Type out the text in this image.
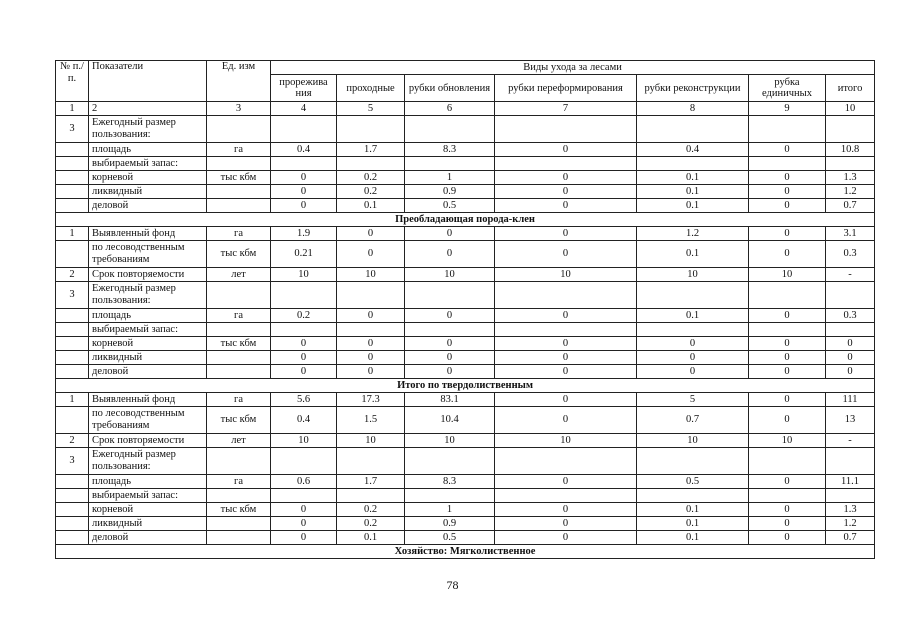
№ п./п.	Показатели	Ед. изм	Виды ухода за лесами						
			прорежива ния	проходные	рубки обновления	рубки переформирования	рубки реконструкции	рубка единичных	итого
1	2	3	4	5	6	7	8	9	10
3	Ежегодный размер пользования:								
	площадь	га	0.4	1.7	8.3	0	0.4	0	10.8
	выбираемый запас:								
	корневой	тыс кбм	0	0.2	1	0	0.1	0	1.3
	ликвидный		0	0.2	0.9	0	0.1	0	1.2
	деловой		0	0.1	0.5	0	0.1	0	0.7
Преобладающая порода-клен									
1	Выявленный фонд	га	1.9	0	0	0	1.2	0	3.1
	по лесоводственным требованиям	тыс кбм	0.21	0	0	0	0.1	0	0.3
2	Срок повторяемости	лет	10	10	10	10	10	10	-
3	Ежегодный размер пользования:								
	площадь	га	0.2	0	0	0	0.1	0	0.3
	выбираемый запас:								
	корневой	тыс кбм	0	0	0	0	0	0	0
	ликвидный		0	0	0	0	0	0	0
	деловой		0	0	0	0	0	0	0
Итого по твердолиственным									
1	Выявленный фонд	га	5.6	17.3	83.1	0	5	0	111
	по лесоводственным требованиям	тыс кбм	0.4	1.5	10.4	0	0.7	0	13
2	Срок повторяемости	лет	10	10	10	10	10	10	-
3	Ежегодный размер пользования:								
	площадь	га	0.6	1.7	8.3	0	0.5	0	11.1
	выбираемый запас:								
	корневой	тыс кбм	0	0.2	1	0	0.1	0	1.3
	ликвидный		0	0.2	0.9	0	0.1	0	1.2
	деловой		0	0.1	0.5	0	0.1	0	0.7
Хозяйство: Мягколиственное									
78
